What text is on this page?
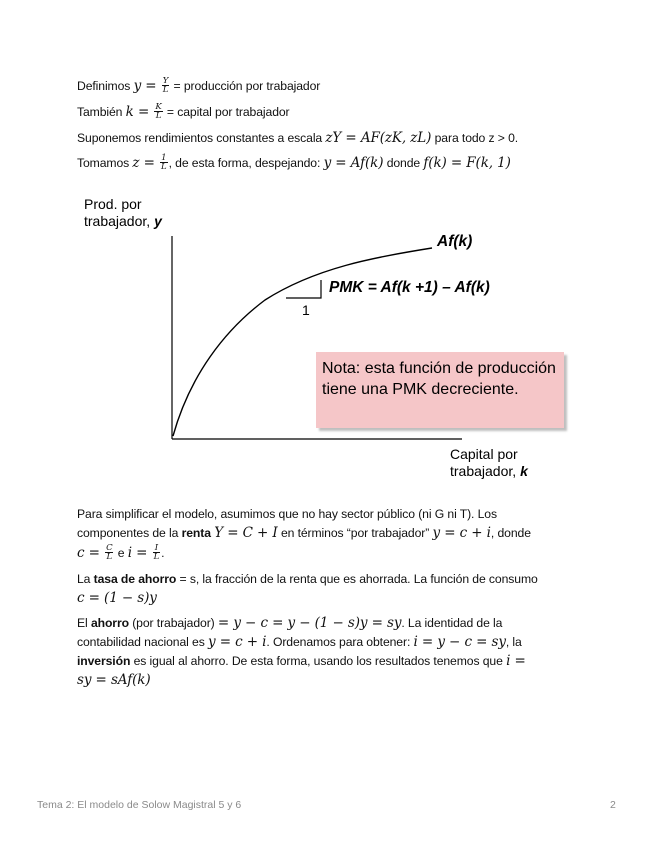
Definimos $y = \frac{Y}{L}$ = producción por trabajador
También $k = \frac{K}{L}$ = capital por trabajador
Suponemos rendimientos constantes a escala zY = AF(zK, zL) para todo z > 0.
Tomamos $z = \frac{1}{L}$ , de esta forma, despejando: y = Af(k) donde f(k) = F(k, 1)
Prod. por
trabajador, y
Af(k)
PMK = Af(k +1) – Af(k)
1
Nota: esta función de producción tiene una PMK decreciente.
Capital por
trabajador, k
Para simplificar el modelo, asumimos que no hay sector público (ni G ni T). Los
componentes de la renta Y = C + I en términos “por trabajador” y = c + i, donde
$c = \frac{C}{L}$ e $i = \frac{I}{L}$ .
La tasa de ahorro = s, la fracción de la renta que es ahorrada. La función de consumo
c = (1 − s)y
El ahorro (por trabajador) = y − c = y − (1 − s)y = sy. La identidad de la
contabilidad nacional es y = c + i. Ordenamos para obtener: i = y − c = sy, la
inversión es igual al ahorro. De esta forma, usando los resultados tenemos que i =
sy = sAf(k)
Tema 2: El modelo de Solow Magistral 5 y 6	2
